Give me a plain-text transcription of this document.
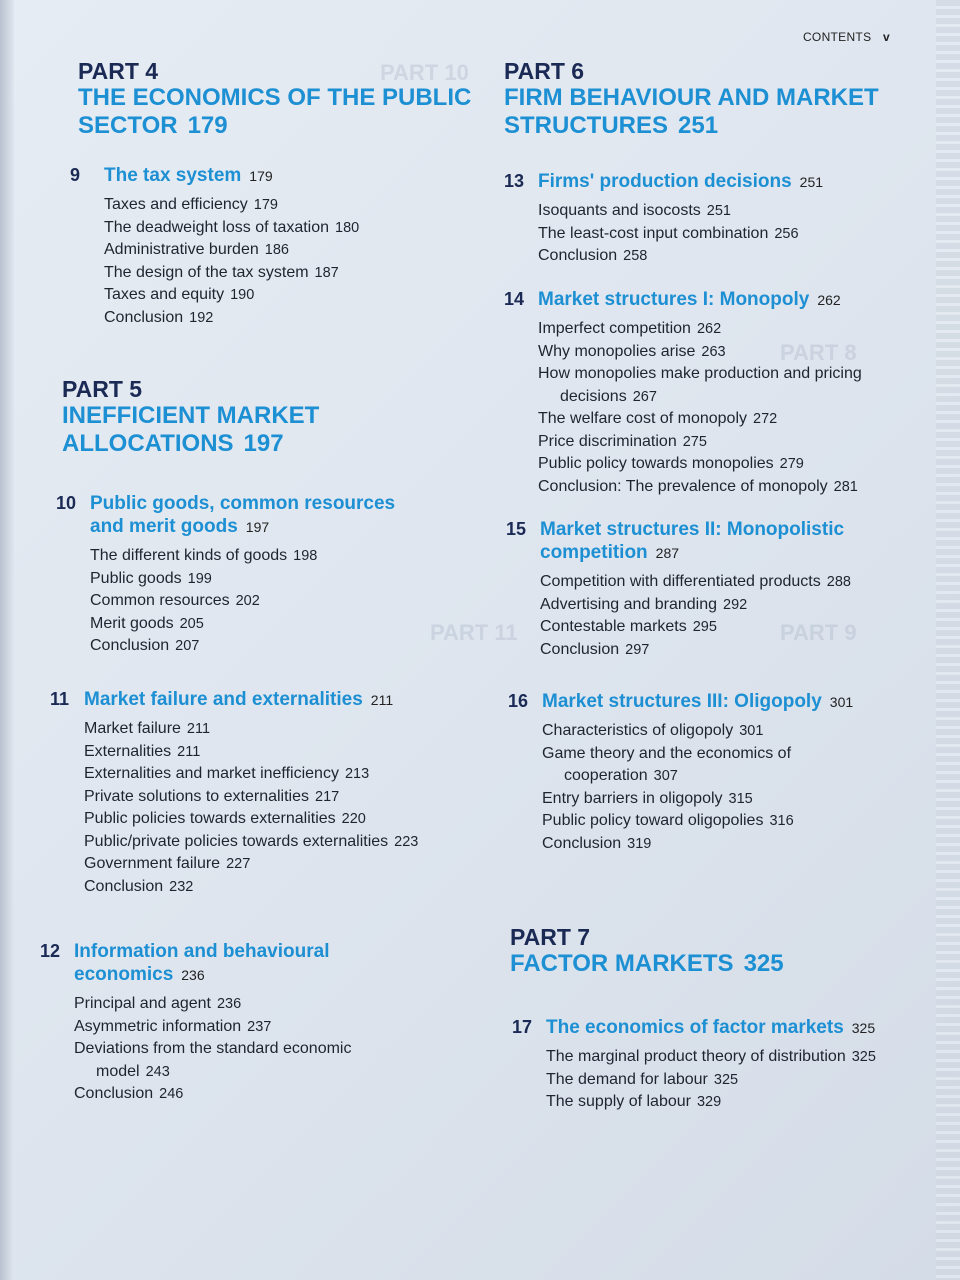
PART 10
PART 8
PART 11	PART 9
CONTENTS v
PART 4
THE ECONOMICS OF THE PUBLIC
SECTOR 179
9 The tax system 179
Taxes and efficiency 179
The deadweight loss of taxation 180
Administrative burden 186
The design of the tax system 187
Taxes and equity 190
Conclusion 192
PART 5
INEFFICIENT MARKET
ALLOCATIONS 197
10 Public goods, common resources
and merit goods 197
The different kinds of goods 198
Public goods 199
Common resources 202
Merit goods 205
Conclusion 207
11 Market failure and externalities 211
Market failure 211
Externalities 211
Externalities and market inefficiency 213
Private solutions to externalities 217
Public policies towards externalities 220
Public/private policies towards externalities 223
Government failure 227
Conclusion 232
12 Information and behavioural
economics 236
Principal and agent 236
Asymmetric information 237
Deviations from the standard economic model 243
Conclusion 246
PART 6
FIRM BEHAVIOUR AND MARKET
STRUCTURES 251
13 Firms' production decisions 251
Isoquants and isocosts 251
The least-cost input combination 256
Conclusion 258
14 Market structures I: Monopoly 262
Imperfect competition 262
Why monopolies arise 263
How monopolies make production and pricing decisions 267
The welfare cost of monopoly 272
Price discrimination 275
Public policy towards monopolies 279
Conclusion: The prevalence of monopoly 281
15 Market structures II: Monopolistic
competition 287
Competition with differentiated products 288
Advertising and branding 292
Contestable markets 295
Conclusion 297
16 Market structures III: Oligopoly 301
Characteristics of oligopoly 301
Game theory and the economics of cooperation 307
Entry barriers in oligopoly 315
Public policy toward oligopolies 316
Conclusion 319
PART 7
FACTOR MARKETS 325
17 The economics of factor markets 325
The marginal product theory of distribution 325
The demand for labour 325
The supply of labour 329
